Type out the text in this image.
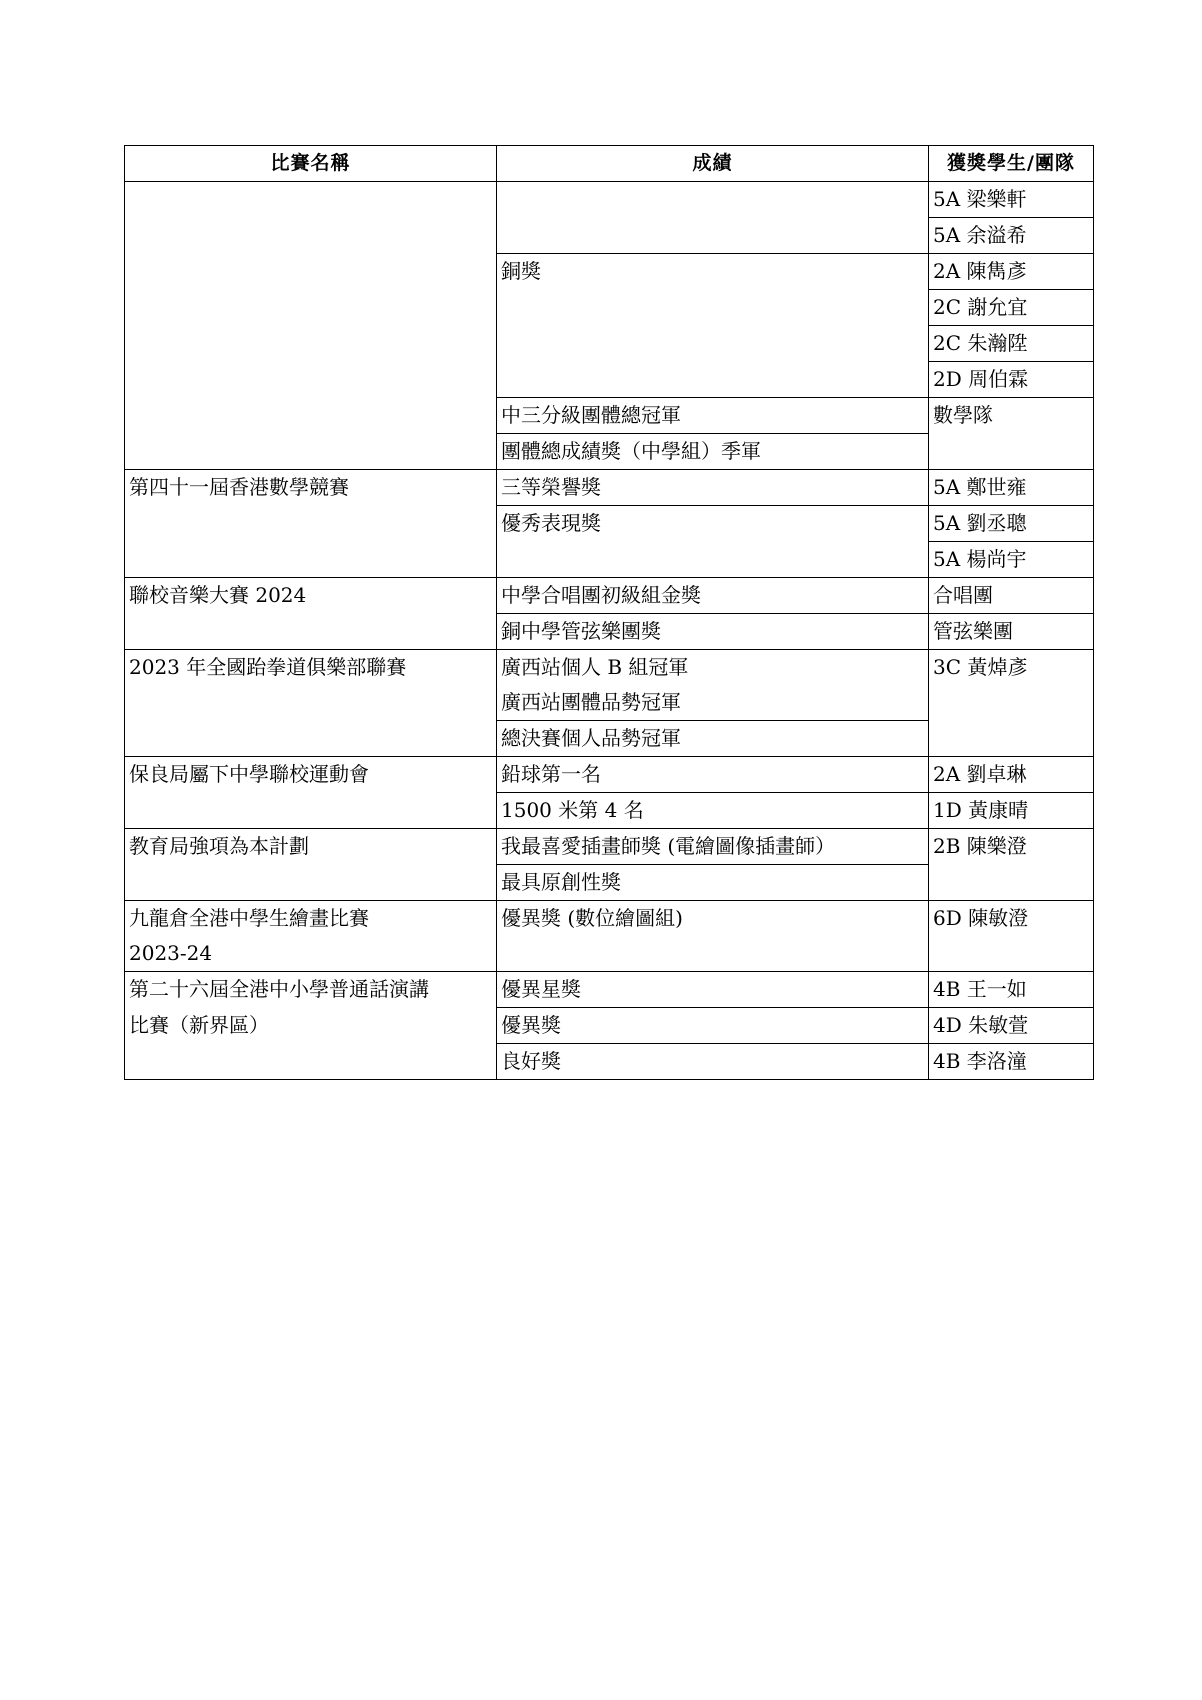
比賽名稱	成績	獲獎學生/團隊
		5A 梁樂軒
		5A 余溢希
	銅獎	2A 陳雋彥
		2C 謝允宜
		2C 朱瀚陞
		2D 周伯霖
	中三分級團體總冠軍	數學隊
	團體總成績獎（中學組）季軍	
第四十一屆香港數學競賽	三等榮譽獎	5A 鄭世雍
	優秀表現獎	5A 劉丞聰
		5A 楊尚宇
聯校音樂大賽 2024	中學合唱團初級組金獎	合唱團
	銅中學管弦樂團獎	管弦樂團
2023 年全國跆拳道俱樂部聯賽	廣西站個人 B 組冠軍	3C 黃焯彥
	廣西站團體品勢冠軍	
	總決賽個人品勢冠軍	
保良局屬下中學聯校運動會	鉛球第一名	2A 劉卓琳
	1500 米第 4 名	1D 黃康晴
教育局強項為本計劃	我最喜愛插畫師獎 (電繪圖像插畫師）	2B 陳樂澄
	最具原創性獎	
九龍倉全港中學生繪畫比賽	優異獎 (數位繪圖組)	6D 陳敏澄
2023-24		
第二十六屆全港中小學普通話演講	優異星獎	4B 王一如
比賽（新界區）	優異獎	4D 朱敏萱
	良好獎	4B 李洛潼
